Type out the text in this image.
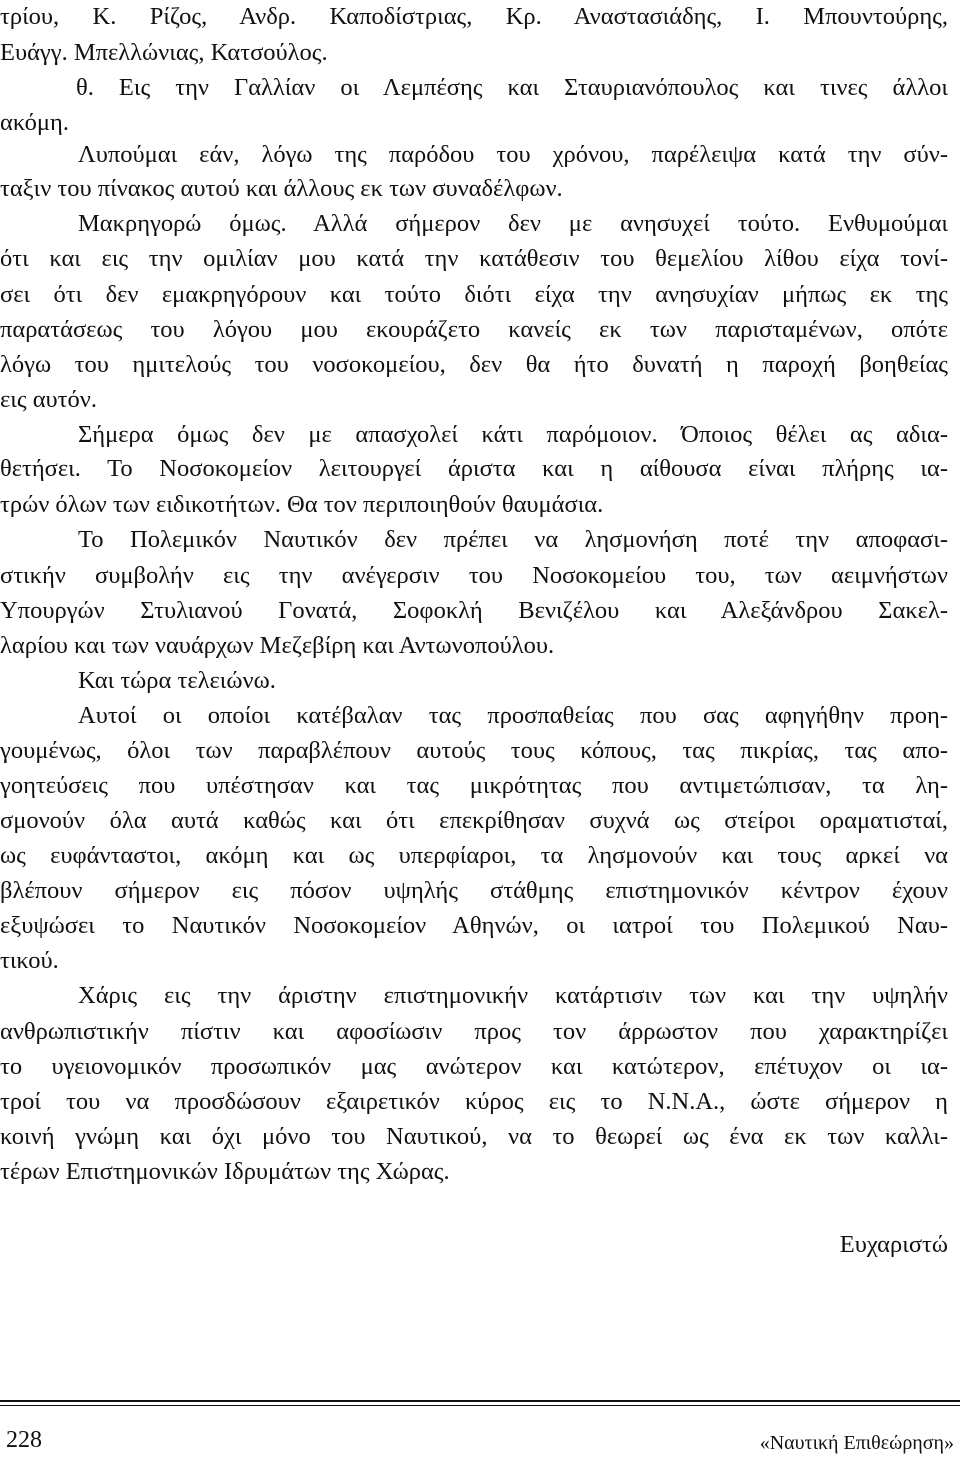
τρίου, Κ. Ρίζος, Ανδρ. Καποδίστριας, Κρ. Αναστασιάδης, Ι. Μπουντούρης,
Ευάγγ. Μπελλώνιας, Κατσούλος.
θ. Εις την Γαλλίαν οι Λεμπέσης και Σταυριανόπουλος και τινες άλλοι
ακόμη.
Λυπούμαι εάν, λόγω της παρόδου του χρόνου, παρέλειψα κατά την σύν-
ταξιν του πίνακος αυτού και άλλους εκ των συναδέλφων.
Μακρηγορώ όμως. Αλλά σήμερον δεν με ανησυχεί τούτο. Ενθυμούμαι
ότι και εις την ομιλίαν μου κατά την κατάθεσιν του θεμελίου λίθου είχα τονί-
σει ότι δεν εμακρηγόρουν και τούτο διότι είχα την ανησυχίαν μήπως εκ της
παρατάσεως του λόγου μου εκουράζετο κανείς εκ των παρισταμένων, οπότε
λόγω του ημιτελούς του νοσοκομείου, δεν θα ήτο δυνατή η παροχή βοηθείας
εις αυτόν.
Σήμερα όμως δεν με απασχολεί κάτι παρόμοιον. Όποιος θέλει ας αδια-
θετήσει. Το Νοσοκομείον λειτουργεί άριστα και η αίθουσα είναι πλήρης ια-
τρών όλων των ειδικοτήτων. Θα τον περιποιηθούν θαυμάσια.
Το Πολεμικόν Ναυτικόν δεν πρέπει να λησμονήση ποτέ την αποφασι-
στικήν συμβολήν εις την ανέγερσιν του Νοσοκομείου του, των αειμνήστων
Υπουργών Στυλιανού Γονατά, Σοφοκλή Βενιζέλου και Αλεξάνδρου Σακελ-
λαρίου και των ναυάρχων Μεζεβίρη και Αντωνοπούλου.
Και τώρα τελειώνω.
Αυτοί οι οποίοι κατέβαλαν τας προσπαθείας που σας αφηγήθην προη-
γουμένως, όλοι των παραβλέπουν αυτούς τους κόπους, τας πικρίας, τας απο-
γοητεύσεις που υπέστησαν και τας μικρότητας που αντιμετώπισαν, τα λη-
σμονούν όλα αυτά καθώς και ότι επεκρίθησαν συχνά ως στείροι οραματισταί,
ως ευφάνταστοι, ακόμη και ως υπερφίαροι, τα λησμονούν και τους αρκεί να
βλέπουν σήμερον εις πόσον υψηλής στάθμης επιστημονικόν κέντρον έχουν
εξυψώσει το Ναυτικόν Νοσοκομείον Αθηνών, οι ιατροί του Πολεμικού Ναυ-
τικού.
Χάρις εις την άριστην επιστημονικήν κατάρτισιν των και την υψηλήν
ανθρωπιστικήν πίστιν και αφοσίωσιν προς τον άρρωστον που χαρακτηρίζει
το υγειονομικόν προσωπικόν μας ανώτερον και κατώτερον, επέτυχον οι ια-
τροί του να προσδώσουν εξαιρετικόν κύρος εις το Ν.Ν.Α., ώστε σήμερον η
κοινή γνώμη και όχι μόνο του Ναυτικού, να το θεωρεί ως ένα εκ των καλλι-
τέρων Επιστημονικών Ιδρυμάτων της Χώρας.
Ευχαριστώ
228	«Ναυτική Επιθεώρηση»
